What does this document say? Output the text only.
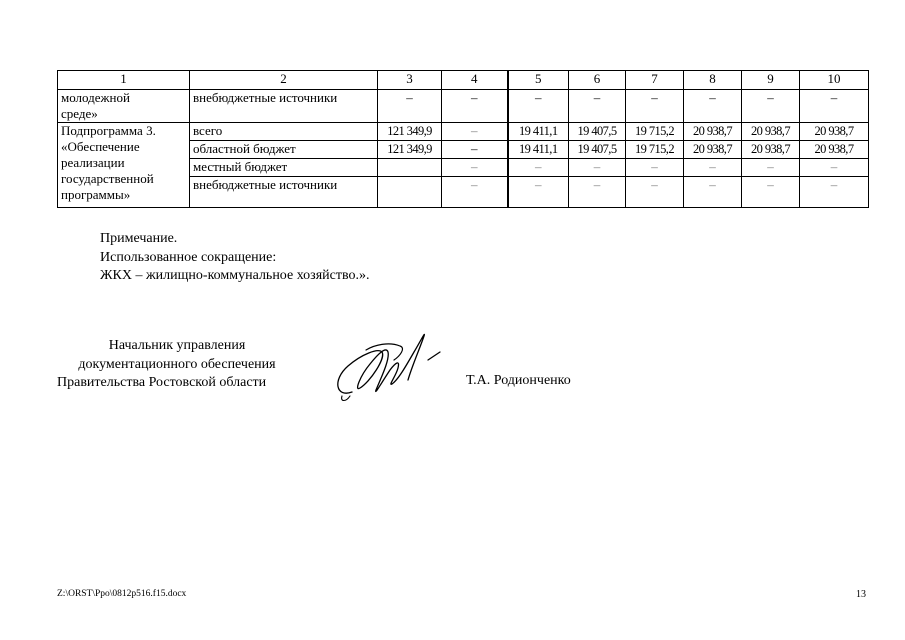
1	2	3	4	5	6	7	8	9	10

молодежной
среде»	внебюджетные источники	–	–	–	–	–	–	–	–

Подпрограмма 3.
«Обеспечение
реализации
государственной
программы»	всего	121 349,9	–	19 411,1	19 407,5	19 715,2	20 938,7	20 938,7	20 938,7
	областной бюджет	121 349,9	–	19 411,1	19 407,5	19 715,2	20 938,7	20 938,7	20 938,7
	местный бюджет		–	–	–	–	–	–	–
	внебюджетные источники		–	–	–	–	–	–	–
Примечание.
Использованное сокращение:
ЖКХ – жилищно-коммунальное хозяйство.».
Начальник управления
документационного обеспечения
Правительства Ростовской области	Т.А. Родионченко
Z:\ORST\Ppo\0812p516.f15.docx	13
